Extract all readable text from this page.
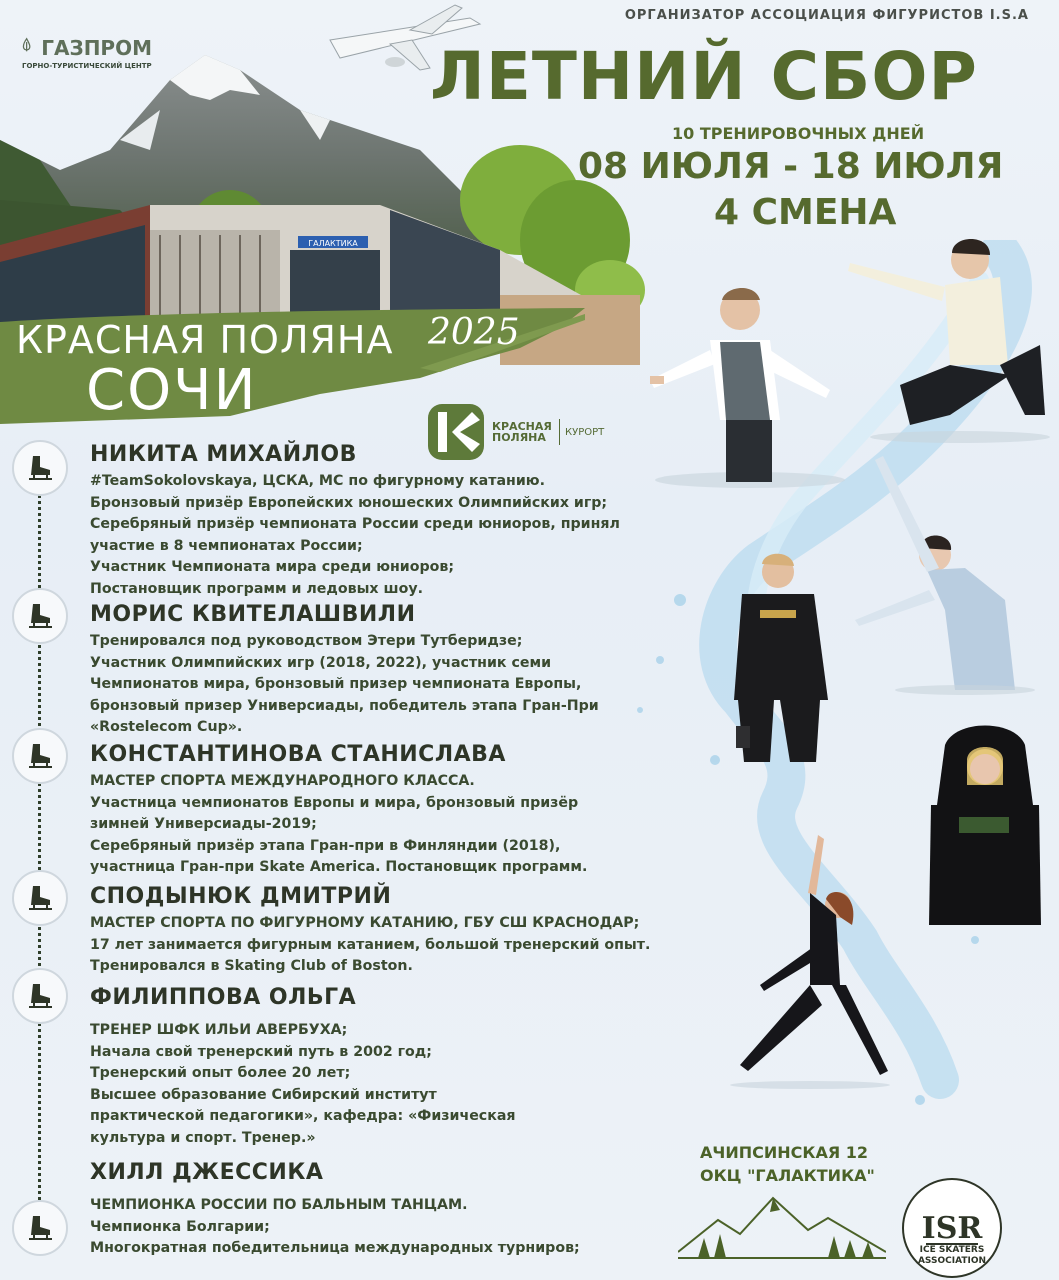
ГАЛАКТИКА
ОРГАНИЗАТОР АССОЦИАЦИЯ ФИГУРИСТОВ I.S.A
ЛЕТНИЙ СБОР
10 ТРЕНИРОВОЧНЫХ ДНЕЙ
08 ИЮЛЯ - 18 ИЮЛЯ
4 СМЕНА
ГАЗПРОМ
ГОРНО-ТУРИСТИЧЕСКИЙ ЦЕНТР
КРАСНАЯ ПОЛЯНА 2025
СОЧИ
КРАСНАЯ ПОЛЯНА	КУРОРТ
НИКИТА МИХАЙЛОВ

#TeamSokolovskaya, ЦСКА, МС по фигурному катанию.

Бронзовый призёр Европейских юношеских Олимпийских игр;

Серебряный призёр чемпионата России среди юниоров, принял

участие в 8 чемпионатах России;

Участник Чемпионата мира среди юниоров;

Постановщик программ и ледовых шоу.

МОРИС КВИТЕЛАШВИЛИ

Тренировался под руководством Этери Тутберидзе;

Участник Олимпийских игр (2018, 2022), участник семи

Чемпионатов мира, бронзовый призер чемпионата Европы,

бронзовый призер Универсиады, победитель этапа Гран-При

«Rostelecom Cup».

КОНСТАНТИНОВА СТАНИСЛАВА

МАСТЕР СПОРТА МЕЖДУНАРОДНОГО КЛАССА.

Участница чемпионатов Европы и мира, бронзовый призёр

зимней Универсиады-2019;

Серебряный призёр этапа Гран-при в Финляндии (2018),

участница Гран-при Skate America. Постановщик программ.

СПОДЫНЮК ДМИТРИЙ

МАСТЕР СПОРТА ПО ФИГУРНОМУ КАТАНИЮ, ГБУ СШ КРАСНОДАР;

17 лет занимается фигурным катанием, большой тренерский опыт.

Тренировался в Skating Club of Boston.

ФИЛИППОВА ОЛЬГА

ТРЕНЕР ШФК ИЛЬИ АВЕРБУХА;

Начала свой тренерский путь в 2002 год;

Тренерский опыт более 20 лет;

Высшее образование Сибирский институт

практической педагогики», кафедра: «Физическая

культура и спорт. Тренер.»

ХИЛЛ ДЖЕССИКА

ЧЕМПИОНКА РОССИИ ПО БАЛЬНЫМ ТАНЦАМ.

Чемпионка Болгарии;

Многократная победительница международных турниров;

АЧИПСИНСКАЯ 12
ОКЦ "ГАЛАКТИКА"
ISR
ICE SKATERS
ASSOCIATION
